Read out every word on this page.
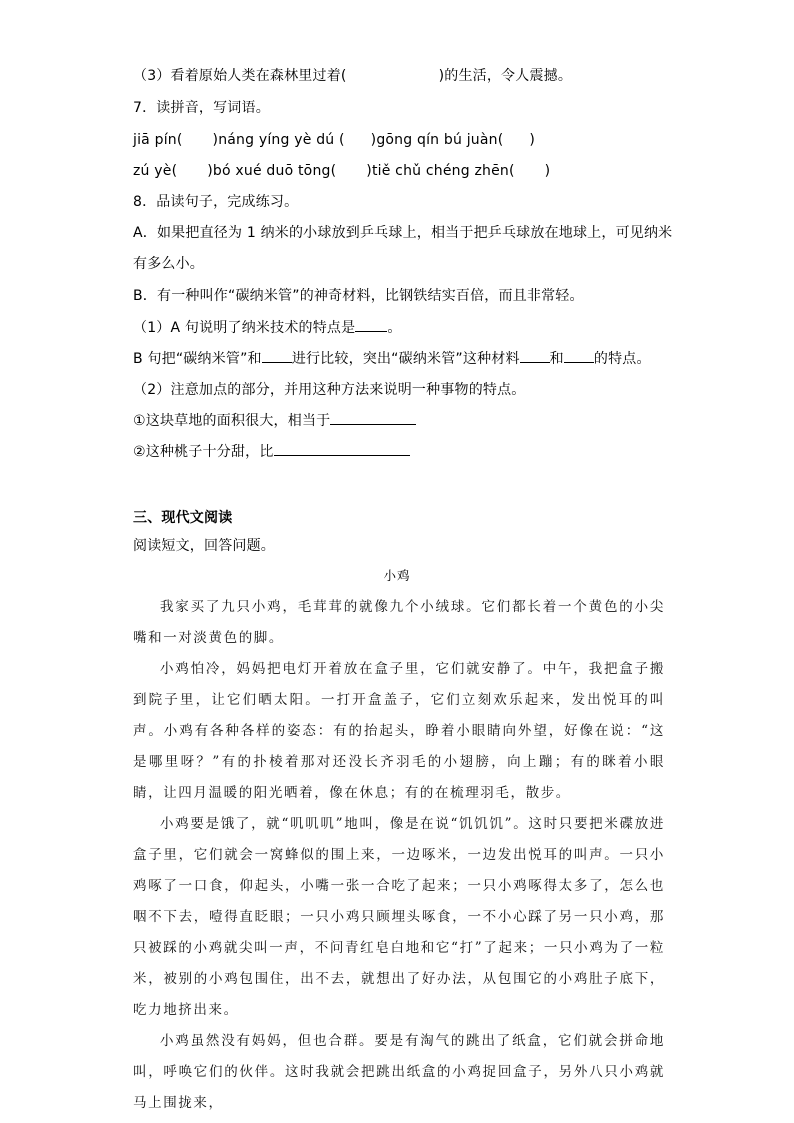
（3）看着原始人类在森林里过着(	)的生活，令人震撼。
7．读拼音，写词语。
jiā pín( )náng yíng yè dú ( )gōng qín bú juàn( )
zú yè( )bó xué duō tōng( )tiě chǔ chéng zhēn( )
8．品读句子，完成练习。
A．如果把直径为 1 纳米的小球放到乒乓球上，相当于把乒乓球放在地球上，可见纳米
有多么小。
B．有一种叫作“碳纳米管”的神奇材料，比钢铁结实百倍，而且非常轻。
（1）A 句说明了纳米技术的特点是 。
B 句把“碳纳米管”和 进行比较，突出“碳纳米管”这种材料 和 的特点。
（2）注意加点的部分，并用这种方法来说明一种事物的特点。
①这块草地的面积很大，相当于
②这种桃子十分甜，比
三、现代文阅读
阅读短文，回答问题。
小鸡

我家买了九只小鸡，毛茸茸的就像九个小绒球。它们都长着一个黄色的小尖嘴和一对淡黄色的脚。

小鸡怕冷，妈妈把电灯开着放在盒子里，它们就安静了。中午，我把盒子搬到院子里，让它们晒太阳。一打开盒盖子，它们立刻欢乐起来，发出悦耳的叫声。小鸡有各种各样的姿态：有的抬起头，睁着小眼睛向外望，好像在说：“这是哪里呀？”有的扑棱着那对还没长齐羽毛的小翅膀，向上蹦；有的眯着小眼睛，让四月温暖的阳光晒着，像在休息；有的在梳理羽毛，散步。

小鸡要是饿了，就“叽叽叽”地叫，像是在说“饥饥饥”。这时只要把米碟放进盒子里，它们就会一窝蜂似的围上来，一边啄米，一边发出悦耳的叫声。一只小鸡啄了一口食，仰起头，小嘴一张一合吃了起来；一只小鸡啄得太多了，怎么也咽不下去，噎得直眨眼；一只小鸡只顾埋头啄食，一不小心踩了另一只小鸡，那只被踩的小鸡就尖叫一声，不问青红皂白地和它“打”了起来；一只小鸡为了一粒米，被别的小鸡包围住，出不去，就想出了好办法，从包围它的小鸡肚子底下，吃力地挤出来。

小鸡虽然没有妈妈，但也合群。要是有淘气的跳出了纸盒，它们就会拼命地叫，呼唤它们的伙伴。这时我就会把跳出纸盒的小鸡捉回盒子，另外八只小鸡就马上围拢来，
